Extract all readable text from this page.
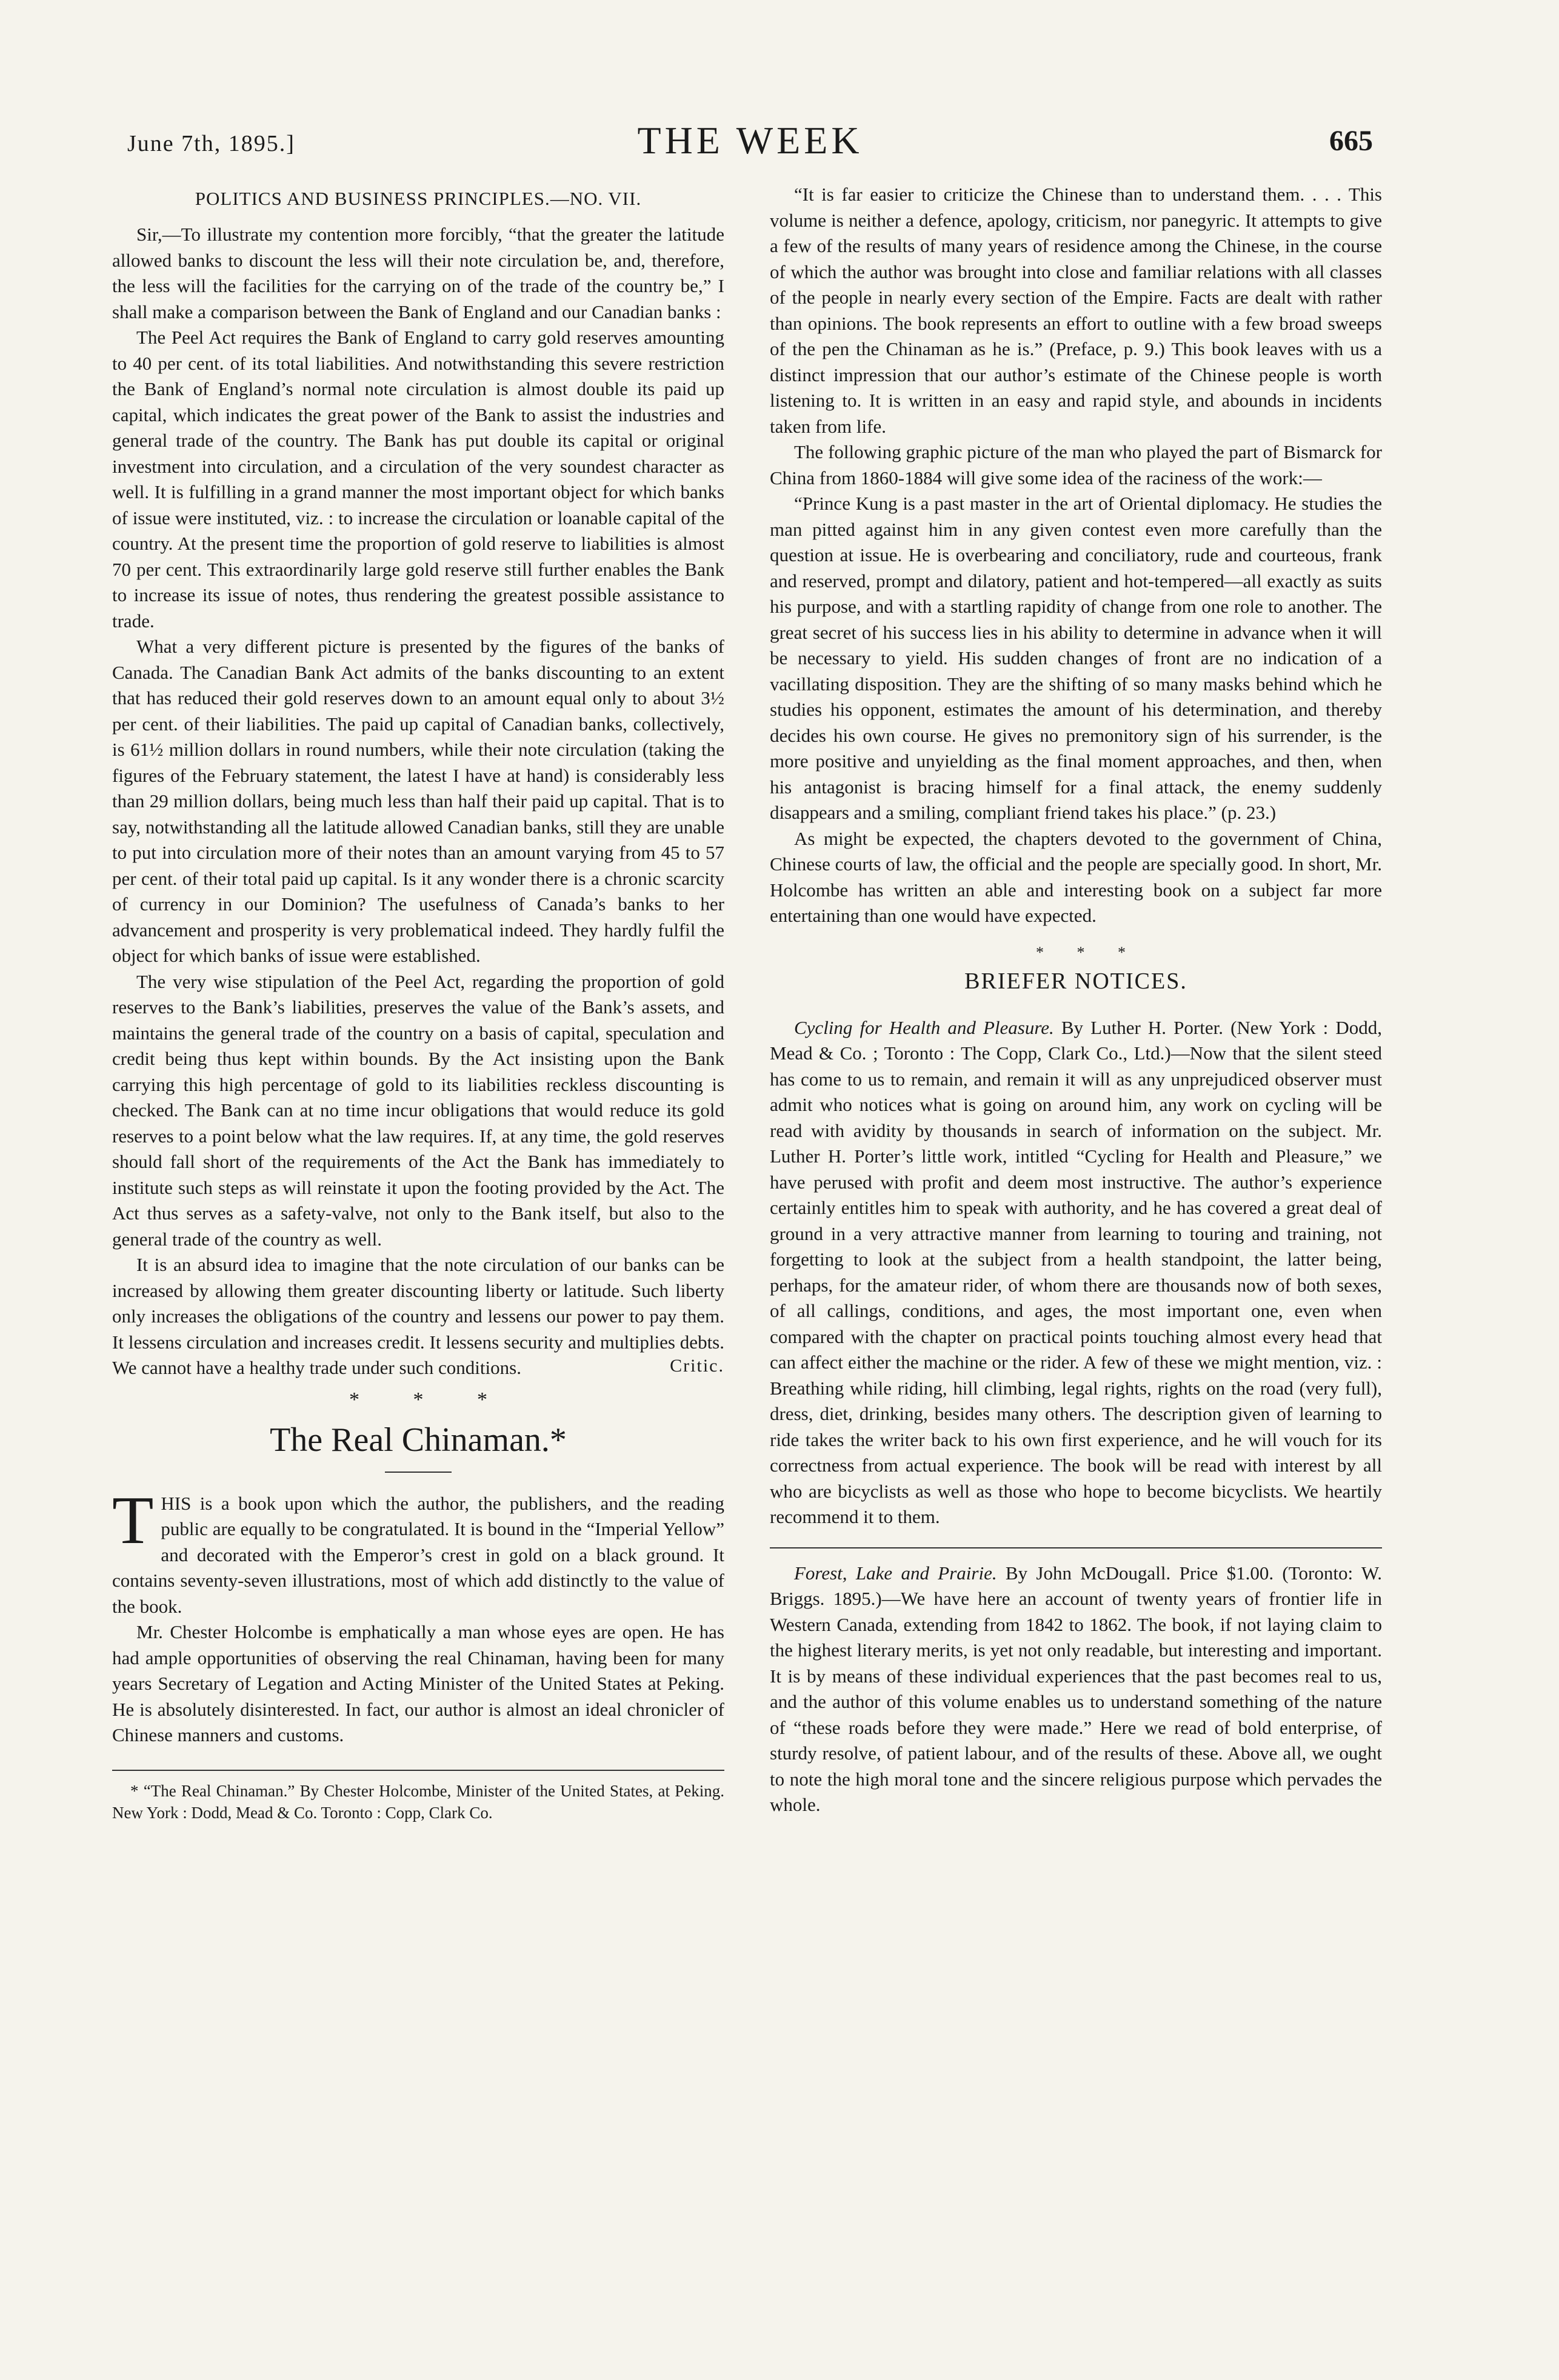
June 7th, 1895.]	THE WEEK	665
POLITICS AND BUSINESS PRINCIPLES.—NO. VII.

Sir,—To illustrate my contention more forcibly, “that the greater the latitude allowed banks to discount the less will their note circulation be, and, therefore, the less will the facilities for the carrying on of the trade of the country be,” I shall make a comparison between the Bank of England and our Canadian banks :

The Peel Act requires the Bank of England to carry gold reserves amounting to 40 per cent. of its total liabilities. And notwithstanding this severe restriction the Bank of England’s normal note circulation is almost double its paid up capital, which indicates the great power of the Bank to assist the industries and general trade of the country. The Bank has put double its capital or original investment into circulation, and a circulation of the very soundest character as well. It is fulfilling in a grand manner the most important object for which banks of issue were instituted, viz. : to increase the circulation or loanable capital of the country. At the present time the proportion of gold reserve to liabilities is almost 70 per cent. This extraordinarily large gold reserve still further enables the Bank to increase its issue of notes, thus rendering the greatest possible assistance to trade.

What a very different picture is presented by the figures of the banks of Canada. The Canadian Bank Act admits of the banks discounting to an extent that has reduced their gold reserves down to an amount equal only to about 3½ per cent. of their liabilities. The paid up capital of Canadian banks, collectively, is 61½ million dollars in round numbers, while their note circulation (taking the figures of the February statement, the latest I have at hand) is considerably less than 29 million dollars, being much less than half their paid up capital. That is to say, notwithstanding all the latitude allowed Canadian banks, still they are unable to put into circulation more of their notes than an amount varying from 45 to 57 per cent. of their total paid up capital. Is it any wonder there is a chronic scarcity of currency in our Dominion? The usefulness of Canada’s banks to her advancement and prosperity is very problematical indeed. They hardly fulfil the object for which banks of issue were established.

The very wise stipulation of the Peel Act, regarding the proportion of gold reserves to the Bank’s liabilities, preserves the value of the Bank’s assets, and maintains the general trade of the country on a basis of capital, speculation and credit being thus kept within bounds. By the Act insisting upon the Bank carrying this high percentage of gold to its liabilities reckless discounting is checked. The Bank can at no time incur obligations that would reduce its gold reserves to a point below what the law requires. If, at any time, the gold reserves should fall short of the requirements of the Act the Bank has immediately to institute such steps as will reinstate it upon the footing provided by the Act. The Act thus serves as a safety-valve, not only to the Bank itself, but also to the general trade of the country as well.

It is an absurd idea to imagine that the note circulation of our banks can be increased by allowing them greater discounting liberty or latitude. Such liberty only increases the obligations of the country and lessens our power to pay them. It lessens circulation and increases credit. It lessens security and multiplies debts. We cannot have a healthy trade under such conditions.	Critic.
* * *
The Real Chinaman.*

THIS is a book upon which the author, the publishers, and the reading public are equally to be congratulated. It is bound in the “Imperial Yellow” and decorated with the Emperor’s crest in gold on a black ground. It contains seventy-seven illustrations, most of which add distinctly to the value of the book.

Mr. Chester Holcombe is emphatically a man whose eyes are open. He has had ample opportunities of observing the real Chinaman, having been for many years Secretary of Legation and Acting Minister of the United States at Peking. He is absolutely disinterested. In fact, our author is almost an ideal chronicler of Chinese manners and customs.

* “The Real Chinaman.” By Chester Holcombe, Minister of the United States, at Peking. New York : Dodd, Mead & Co. Toronto : Copp, Clark Co.

“It is far easier to criticize the Chinese than to understand them. . . . This volume is neither a defence, apology, criticism, nor panegyric. It attempts to give a few of the results of many years of residence among the Chinese, in the course of which the author was brought into close and familiar relations with all classes of the people in nearly every section of the Empire. Facts are dealt with rather than opinions. The book represents an effort to outline with a few broad sweeps of the pen the Chinaman as he is.” (Preface, p. 9.) This book leaves with us a distinct impression that our author’s estimate of the Chinese people is worth listening to. It is written in an easy and rapid style, and abounds in incidents taken from life.

The following graphic picture of the man who played the part of Bismarck for China from 1860-1884 will give some idea of the raciness of the work:—

“Prince Kung is a past master in the art of Oriental diplomacy. He studies the man pitted against him in any given contest even more carefully than the question at issue. He is overbearing and conciliatory, rude and courteous, frank and reserved, prompt and dilatory, patient and hot-tempered—all exactly as suits his purpose, and with a startling rapidity of change from one role to another. The great secret of his success lies in his ability to determine in advance when it will be necessary to yield. His sudden changes of front are no indication of a vacillating disposition. They are the shifting of so many masks behind which he studies his opponent, estimates the amount of his determination, and thereby decides his own course. He gives no premonitory sign of his surrender, is the more positive and unyielding as the final moment approaches, and then, when his antagonist is bracing himself for a final attack, the enemy suddenly disappears and a smiling, compliant friend takes his place.” (p. 23.)

As might be expected, the chapters devoted to the government of China, Chinese courts of law, the official and the people are specially good. In short, Mr. Holcombe has written an able and interesting book on a subject far more entertaining than one would have expected.

* * *
BRIEFER NOTICES.

Cycling for Health and Pleasure. By Luther H. Porter. (New York : Dodd, Mead & Co. ; Toronto : The Copp, Clark Co., Ltd.)—Now that the silent steed has come to us to remain, and remain it will as any unprejudiced observer must admit who notices what is going on around him, any work on cycling will be read with avidity by thousands in search of information on the subject. Mr. Luther H. Porter’s little work, intitled “Cycling for Health and Pleasure,” we have perused with profit and deem most instructive. The author’s experience certainly entitles him to speak with authority, and he has covered a great deal of ground in a very attractive manner from learning to touring and training, not forgetting to look at the subject from a health standpoint, the latter being, perhaps, for the amateur rider, of whom there are thousands now of both sexes, of all callings, conditions, and ages, the most important one, even when compared with the chapter on practical points touching almost every head that can affect either the machine or the rider. A few of these we might mention, viz. : Breathing while riding, hill climbing, legal rights, rights on the road (very full), dress, diet, drinking, besides many others. The description given of learning to ride takes the writer back to his own first experience, and he will vouch for its correctness from actual experience. The book will be read with interest by all who are bicyclists as well as those who hope to become bicyclists. We heartily recommend it to them.

Forest, Lake and Prairie. By John McDougall. Price $1.00. (Toronto: W. Briggs. 1895.)—We have here an account of twenty years of frontier life in Western Canada, extending from 1842 to 1862. The book, if not laying claim to the highest literary merits, is yet not only readable, but interesting and important. It is by means of these individual experiences that the past becomes real to us, and the author of this volume enables us to understand something of the nature of “these roads before they were made.” Here we read of bold enterprise, of sturdy resolve, of patient labour, and of the results of these. Above all, we ought to note the high moral tone and the sincere religious purpose which pervades the whole.
